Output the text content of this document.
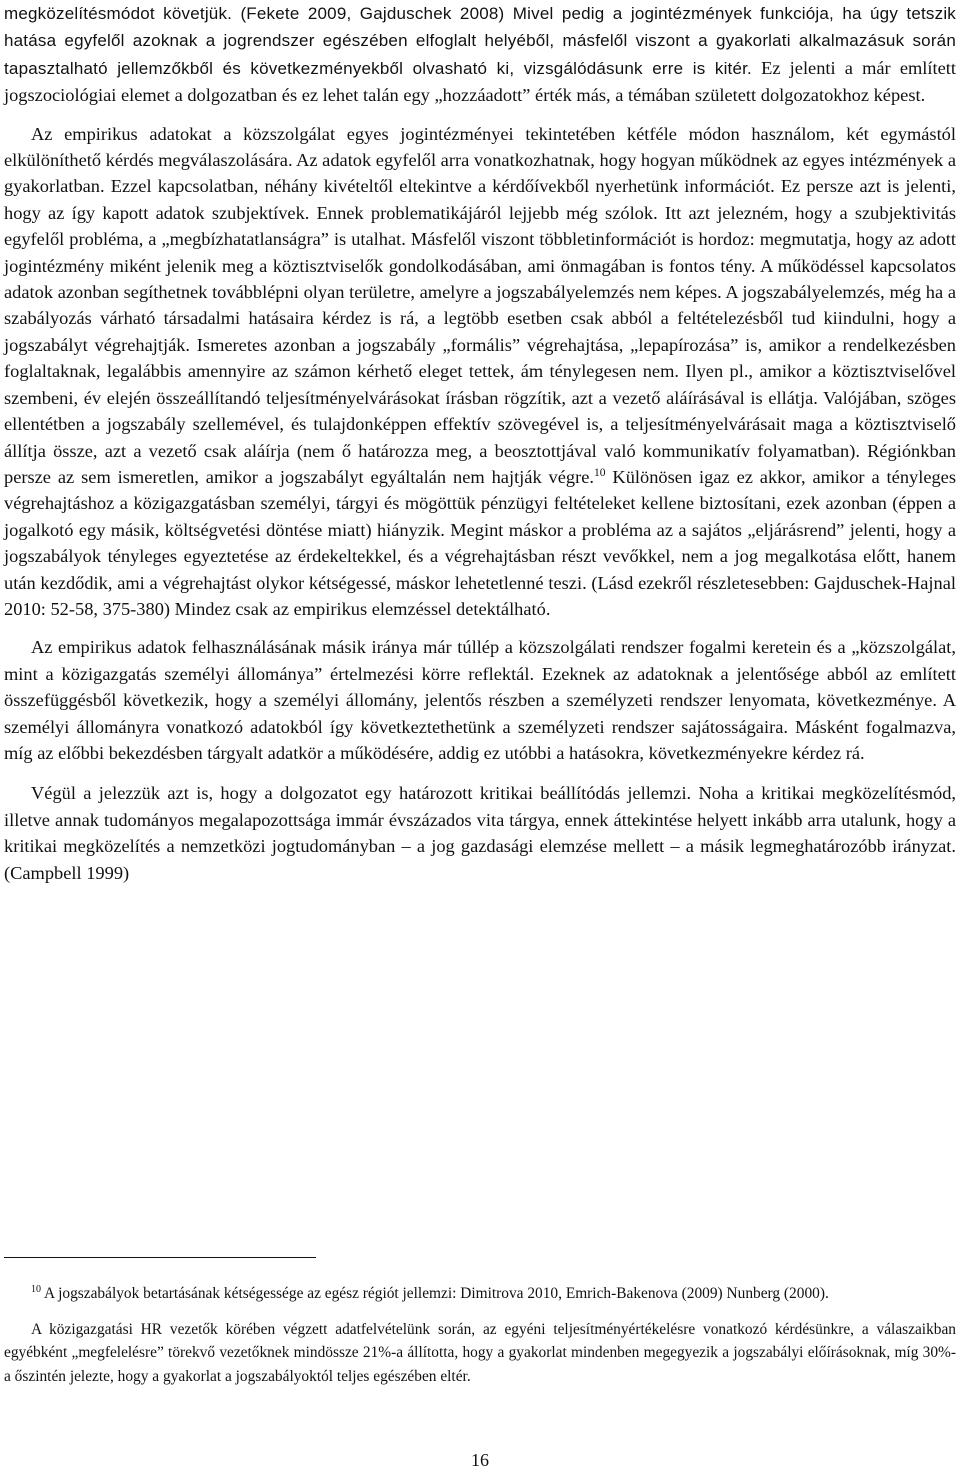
megközelítésmódot követjük. (Fekete 2009, Gajduschek 2008) Mivel pedig a jogintézmények funkciója, ha úgy tetszik hatása egyfelől azoknak a jogrendszer egészében elfoglalt helyéből, másfelől viszont a gyakorlati alkalmazásuk során tapasztalható jellemzőkből és következményekből olvasható ki, vizsgálódásunk erre is kitér. Ez jelenti a már említett jogszociológiai elemet a dolgozatban és ez lehet talán egy „hozzáadott” érték más, a témában született dolgozatokhoz képest.

Az empirikus adatokat a közszolgálat egyes jogintézményei tekintetében kétféle módon használom, két egymástól elkülöníthető kérdés megválaszolására. Az adatok egyfelől arra vonatkozhatnak, hogy hogyan működnek az egyes intézmények a gyakorlatban. Ezzel kapcsolatban, néhány kivételtől eltekintve a kérdőívekből nyerhetünk információt. Ez persze azt is jelenti, hogy az így kapott adatok szubjektívek. Ennek problematikájáról lejjebb még szólok. Itt azt jelezném, hogy a szubjektivitás egyfelől probléma, a „megbízhatatlanságra” is utalhat. Másfelől viszont többletinformációt is hordoz: megmutatja, hogy az adott jogintézmény miként jelenik meg a köztisztviselők gondolkodásában, ami önmagában is fontos tény. A működéssel kapcsolatos adatok azonban segíthetnek továbblépni olyan területre, amelyre a jogszabályelemzés nem képes. A jogszabályelemzés, még ha a szabályozás várható társadalmi hatásaira kérdez is rá, a legtöbb esetben csak abból a feltételezésből tud kiindulni, hogy a jogszabályt végrehajtják. Ismeretes azonban a jogszabály „formális” végrehajtása, „lepapírozása” is, amikor a rendelkezésben foglaltaknak, legalábbis amennyire az számon kérhető eleget tettek, ám ténylegesen nem. Ilyen pl., amikor a köztisztviselővel szembeni, év elején összeállítandó teljesítményelvárásokat írásban rögzítik, azt a vezető aláírásával is ellátja. Valójában, szöges ellentétben a jogszabály szellemével, és tulajdonképpen effektív szövegével is, a teljesítményelvárásait maga a köztisztviselő állítja össze, azt a vezető csak aláírja (nem ő határozza meg, a beosztottjával való kommunikatív folyamatban). Régiónkban persze az sem ismeretlen, amikor a jogszabályt egyáltalán nem hajtják végre.$^{10}$ Különösen igaz ez akkor, amikor a tényleges végrehajtáshoz a közigazgatásban személyi, tárgyi és mögöttük pénzügyi feltételeket kellene biztosítani, ezek azonban (éppen a jogalkotó egy másik, költségvetési döntése miatt) hiányzik. Megint máskor a probléma az a sajátos „eljárásrend” jelenti, hogy a jogszabályok tényleges egyeztetése az érdekeltekkel, és a végrehajtásban részt vevőkkel, nem a jog megalkotása előtt, hanem után kezdődik, ami a végrehajtást olykor kétségessé, máskor lehetetlenné teszi. (Lásd ezekről részletesebben: Gajduschek-Hajnal 2010: 52-58, 375-380) Mindez csak az empirikus elemzéssel detektálható.

Az empirikus adatok felhasználásának másik iránya már túllép a közszolgálati rendszer fogalmi keretein és a „közszolgálat, mint a közigazgatás személyi állománya” értelmezési körre reflektál. Ezeknek az adatoknak a jelentősége abból az említett összefüggésből következik, hogy a személyi állomány, jelentős részben a személyzeti rendszer lenyomata, következménye. A személyi állományra vonatkozó adatokból így következtethetünk a személyzeti rendszer sajátosságaira. Másként fogalmazva, míg az előbbi bekezdésben tárgyalt adatkör a működésére, addig ez utóbbi a hatásokra, következményekre kérdez rá.

Végül a jelezzük azt is, hogy a dolgozatot egy határozott kritikai beállítódás jellemzi. Noha a kritikai megközelítésmód, illetve annak tudományos megalapozottsága immár évszázados vita tárgya, ennek áttekintése helyett inkább arra utalunk, hogy a kritikai megközelítés a nemzetközi jogtudományban – a jog gazdasági elemzése mellett – a másik legmeghatározóbb irányzat. (Campbell 1999)

$^{10}$ A jogszabályok betartásának kétségessége az egész régiót jellemzi: Dimitrova 2010, Emrich-Bakenova (2009) Nunberg (2000).

A közigazgatási HR vezetők körében végzett adatfelvételünk során, az egyéni teljesítményértékelésre vonatkozó kérdésünkre, a válaszaikban egyébként „megfelelésre” törekvő vezetőknek mindössze 21%-a állította, hogy a gyakorlat mindenben megegyezik a jogszabályi előírásoknak, míg 30%-a őszintén jelezte, hogy a gyakorlat a jogszabályoktól teljes egészében eltér.

16
